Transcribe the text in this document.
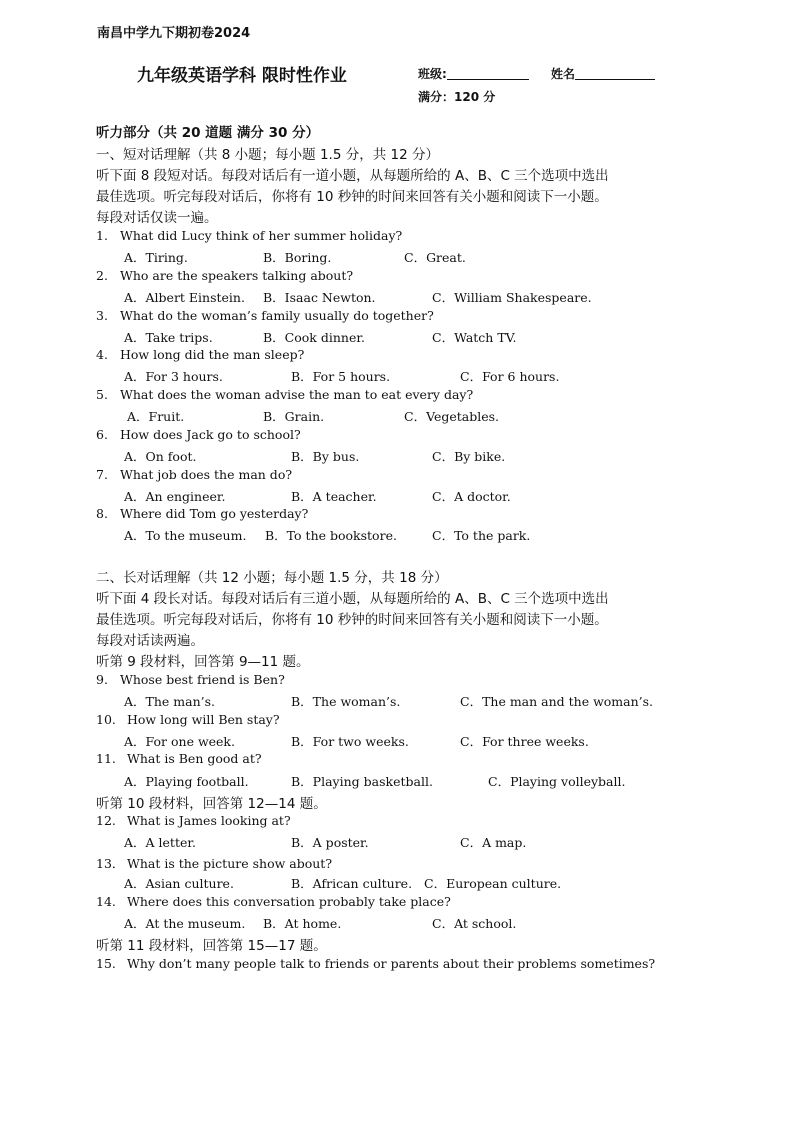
南昌中学九下期初卷2024
九年级英语学科 限时性作业	班级:	姓名
满分：120 分
听力部分（共 20 道题 满分 30 分）
一、短对话理解（共 8 小题；每小题 1.5 分，共 12 分）
听下面 8 段短对话。每段对话后有一道小题，从每题所给的 A、B、C 三个选项中选出
最佳选项。听完每段对话后，你将有 10 秒钟的时间来回答有关小题和阅读下一小题。
每段对话仅读一遍。
1. What did Lucy think of her summer holiday?
A．Tiring.	B．Boring.	C．Great.
2. Who are the speakers talking about?
A．Albert Einstein. B．Isaac Newton.	C．William Shakespeare.
3. What do the woman’s family usually do together?
A．Take trips.	B．Cook dinner.	C．Watch TV.
4. How long did the man sleep?
A．For 3 hours.	B．For 5 hours.	C．For 6 hours.
5. What does the woman advise the man to eat every day?
A．Fruit.	B．Grain.	C．Vegetables.
6. How does Jack go to school?
A．On foot.	B．By bus.	C．By bike.
7. What job does the man do?
A．An engineer.	B．A teacher.	C．A doctor.
8. Where did Tom go yesterday?
A．To the museum. B．To the bookstore.	C．To the park.
二、长对话理解（共 12 小题；每小题 1.5 分，共 18 分）
听下面 4 段长对话。每段对话后有三道小题，从每题所给的 A、B、C 三个选项中选出
最佳选项。听完每段对话后，你将有 10 秒钟的时间来回答有关小题和阅读下一小题。
每段对话读两遍。
听第 9 段材料，回答第 9—11 题。
9. Whose best friend is Ben?
A．The man’s.	B．The woman’s.	C．The man and the woman’s.
10. How long will Ben stay?
A．For one week.	B．For two weeks.	C．For three weeks.
11. What is Ben good at?
A．Playing football.	B．Playing basketball.	C．Playing volleyball.
听第 10 段材料，回答第 12—14 题。
12. What is James looking at?
A．A letter.	B．A poster.	C．A map.
13． What is the picture show about?
A．Asian culture.	B．African culture. C．European culture.
14. Where does this conversation probably take place?
A．At the museum. B．At home.	C．At school.
听第 11 段材料，回答第 15—17 题。
15. Why don’t many people talk to friends or parents about their problems sometimes?
